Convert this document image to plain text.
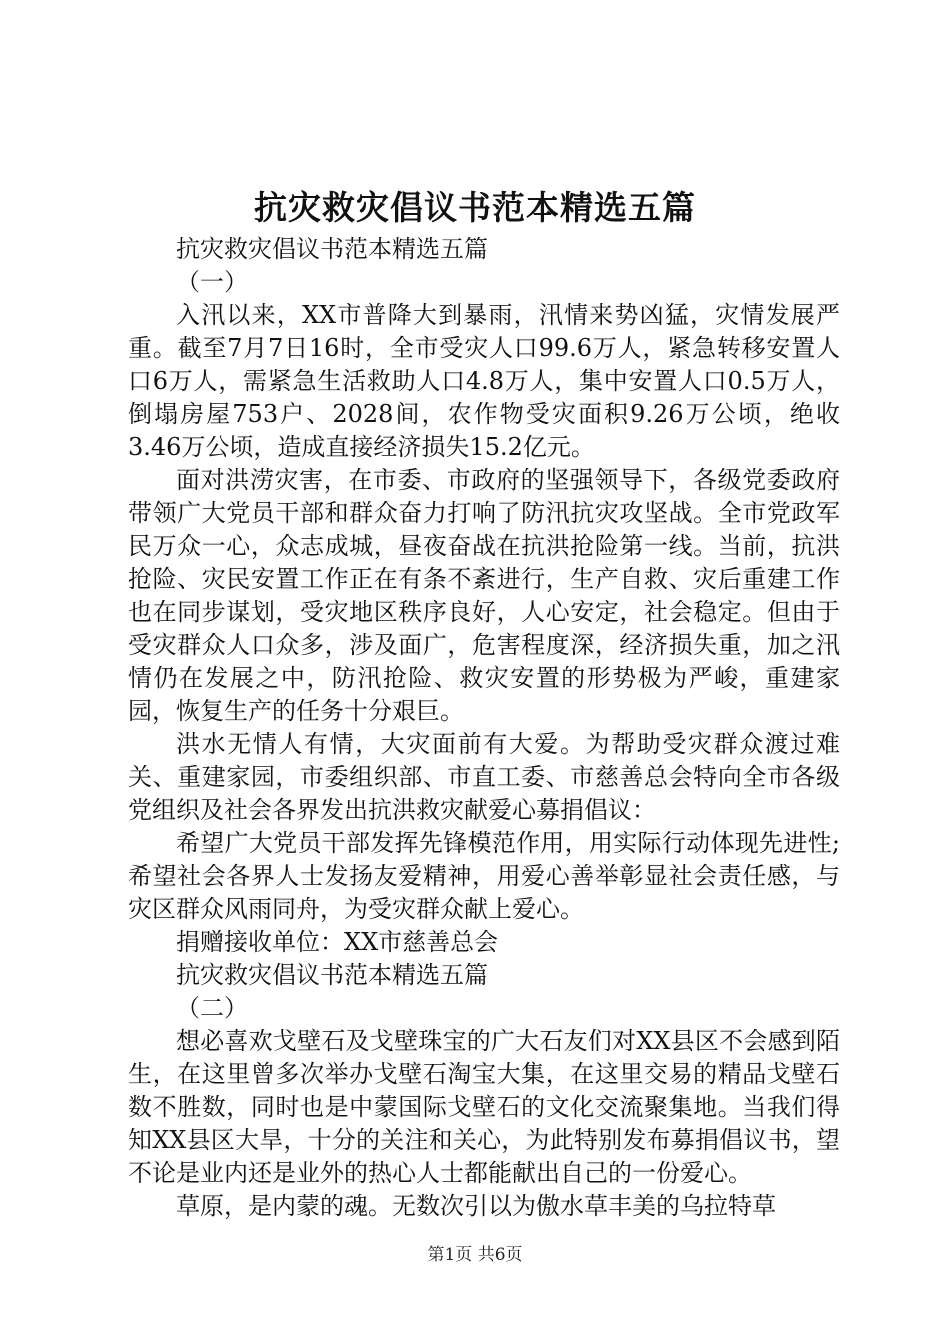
抗灾救灾倡议书范本精选五篇

抗灾救灾倡议书范本精选五篇

（一）

入汛以来，XX市普降大到暴雨，汛情来势凶猛，灾情发展严重。截至7月7日16时，全市受灾人口99.6万人，紧急转移安置人口6万人，需紧急生活救助人口4.8万人，集中安置人口0.5万人，倒塌房屋753户、2028间，农作物受灾面积9.26万公顷，绝收3.46万公顷，造成直接经济损失15.2亿元。

面对洪涝灾害，在市委、市政府的坚强领导下，各级党委政府带领广大党员干部和群众奋力打响了防汛抗灾攻坚战。全市党政军民万众一心，众志成城，昼夜奋战在抗洪抢险第一线。当前，抗洪抢险、灾民安置工作正在有条不紊进行，生产自救、灾后重建工作也在同步谋划，受灾地区秩序良好，人心安定，社会稳定。但由于受灾群众人口众多，涉及面广，危害程度深，经济损失重，加之汛情仍在发展之中，防汛抢险、救灾安置的形势极为严峻，重建家园，恢复生产的任务十分艰巨。

洪水无情人有情，大灾面前有大爱。为帮助受灾群众渡过难关、重建家园，市委组织部、市直工委、市慈善总会特向全市各级党组织及社会各界发出抗洪救灾献爱心募捐倡议：

希望广大党员干部发挥先锋模范作用，用实际行动体现先进性;希望社会各界人士发扬友爱精神，用爱心善举彰显社会责任感，与灾区群众风雨同舟，为受灾群众献上爱心。

捐赠接收单位：XX市慈善总会

抗灾救灾倡议书范本精选五篇

（二）

想必喜欢戈壁石及戈壁珠宝的广大石友们对XX县区不会感到陌生，在这里曾多次举办戈壁石淘宝大集，在这里交易的精品戈壁石数不胜数，同时也是中蒙国际戈壁石的文化交流聚集地。当我们得知XX县区大旱，十分的关注和关心，为此特别发布募捐倡议书，望不论是业内还是业外的热心人士都能献出自己的一份爱心。

草原，是内蒙的魂。无数次引以为傲水草丰美的乌拉特草

第1页 共6页
